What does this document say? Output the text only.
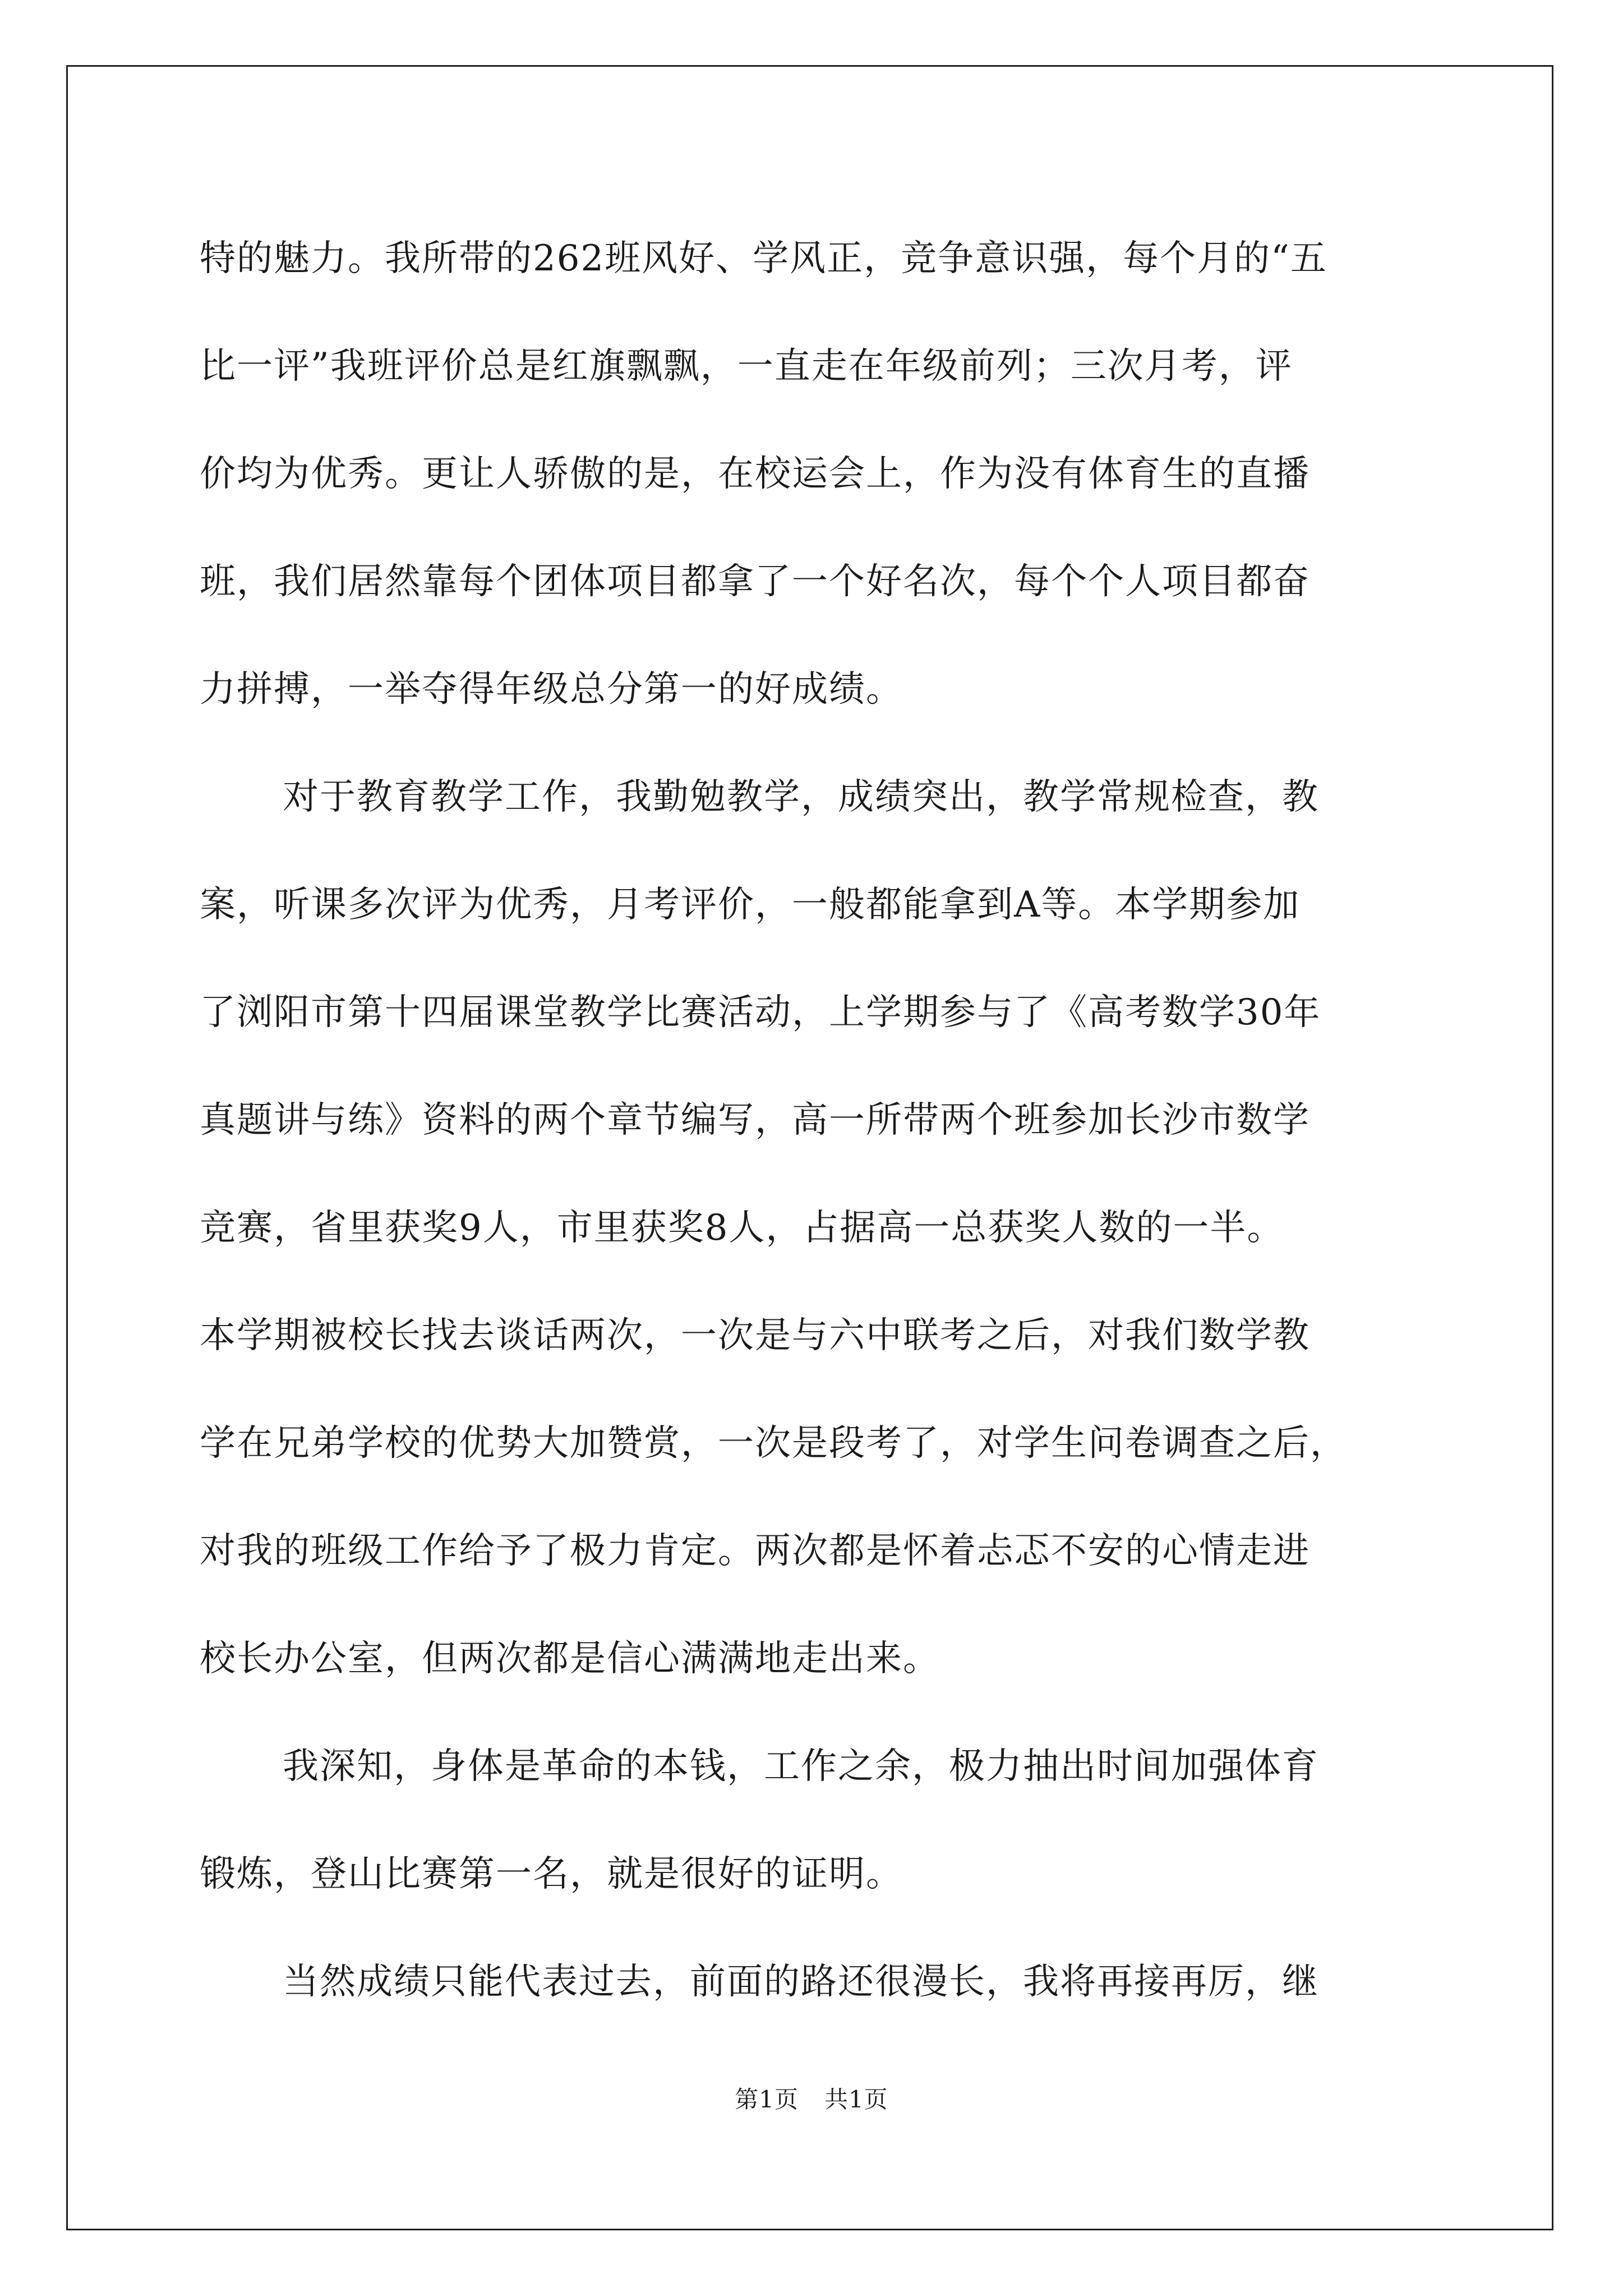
特的魅力。我所带的262班风好、学风正，竞争意识强，每个月的“五
比一评”我班评价总是红旗飘飘，一直走在年级前列；三次月考，评
价均为优秀。更让人骄傲的是，在校运会上，作为没有体育生的直播
班，我们居然靠每个团体项目都拿了一个好名次，每个个人项目都奋
力拼搏，一举夺得年级总分第一的好成绩。

对于教育教学工作，我勤勉教学，成绩突出，教学常规检查，教
案，听课多次评为优秀，月考评价，一般都能拿到A等。本学期参加
了浏阳市第十四届课堂教学比赛活动，上学期参与了《高考数学30年
真题讲与练》资料的两个章节编写，高一所带两个班参加长沙市数学
竞赛，省里获奖9人，市里获奖8人，占据高一总获奖人数的一半。
本学期被校长找去谈话两次，一次是与六中联考之后，对我们数学教
学在兄弟学校的优势大加赞赏，一次是段考了，对学生问卷调查之后，
对我的班级工作给予了极力肯定。两次都是怀着忐忑不安的心情走进
校长办公室，但两次都是信心满满地走出来。

我深知，身体是革命的本钱，工作之余，极力抽出时间加强体育
锻炼，登山比赛第一名，就是很好的证明。

当然成绩只能代表过去，前面的路还很漫长，我将再接再厉，继

第1页 共1页
